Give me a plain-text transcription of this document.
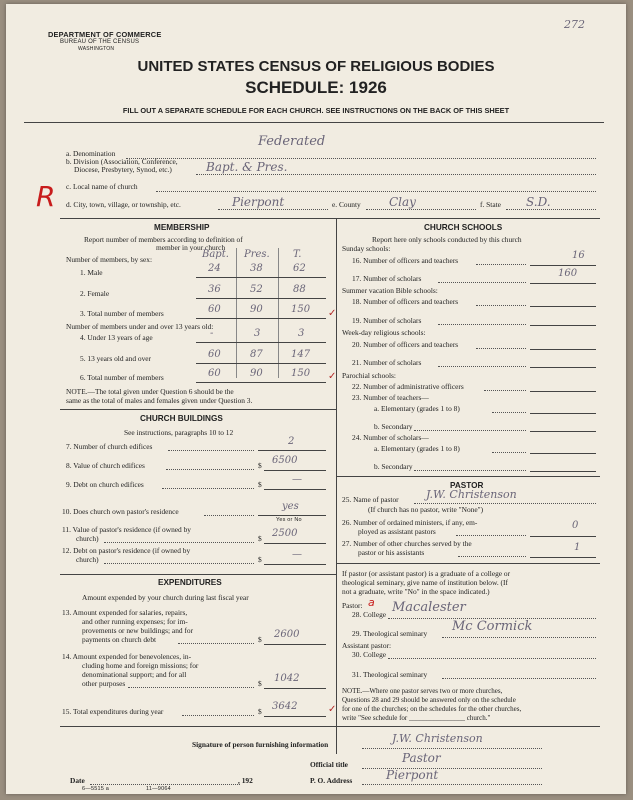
272
DEPARTMENT OF COMMERCE
BUREAU OF THE CENSUS
WASHINGTON
UNITED STATES CENSUS OF RELIGIOUS BODIES
SCHEDULE: 1926
FILL OUT A SEPARATE SCHEDULE FOR EACH CHURCH. SEE INSTRUCTIONS ON THE BACK OF THIS SHEET
a. Denomination
Federated
b. Division (Association, Conference,
Diocese, Presbytery, Synod, etc.)	Bapt. & Pres.
c. Local name of church
R d. City, town, village, or township, etc.	Pierpont	e. County Clay	f. State S.D.
MEMBERSHIP
Report number of members according to definition of
member in your church
Number of members, by sex:	Bapt. Pres. T.
1. Male	24	38	62
2. Female	36	52	88
3. Total number of members	60	90	150
Number of members under and over 13 years old:
4. Under 13 years of age	-	3	3
5. 13 years old and over	60	87	147
6. Total number of members	60	90	150
NOTE.—The total given under Question 6 should be the
same as the total of males and females given under Question 3.
CHURCH BUILDINGS
See instructions, paragraphs 10 to 12
7. Number of church edifices	2
8. Value of church edifices	$ 6500
9. Debt on church edifices	$	—
10. Does church own pastor's residence	yes
Yes or No
11. Value of pastor's residence (if owned by
church)	$ 2500
12. Debt on pastor's residence (if owned by
church)	$	—
EXPENDITURES
Amount expended by your church during last fiscal year
13. Amount expended for salaries, repairs,
and other running expenses; for im-
provements or new buildings; and for
payments on church debt	$ 2600
14. Amount expended for benevolences, in-
cluding home and foreign missions; for
denominational support; and for all
other purposes	$ 1042
15. Total expenditures during year	$ 3642
CHURCH SCHOOLS
Report here only schools conducted by this church
Sunday schools:
16. Number of officers and teachers	16
17. Number of scholars	160
Summer vacation Bible schools:
18. Number of officers and teachers
19. Number of scholars
Week-day religious schools:
20. Number of officers and teachers
21. Number of scholars
Parochial schools:
22. Number of administrative officers
23. Number of teachers—
a. Elementary (grades 1 to 8)
b. Secondary
24. Number of scholars—
a. Elementary (grades 1 to 8)
b. Secondary
PASTOR
25. Name of pastor J.W. Christenson
(If church has no pastor, write "None")
26. Number of ordained ministers, if any, em-
ployed as assistant pastors
0
27. Number of other churches served by the
pastor or his assistants	1
If pastor (or assistant pastor) is a graduate of a college or
theological seminary, give name of institution below. (If
not a graduate, write "No" in the space indicated.)
Pastor: a
28. College Macalester
29. Theological seminary Mc Cormick
Assistant pastor:
30. College
31. Theological seminary
NOTE.—Where one pastor serves two or more churches,
Questions 28 and 29 should be answered only on the schedule
for one of the churches; on the schedules for the other churches,
write "See schedule for ________________ church."
Signature of person furnishing information	J.W. Christenson
Official title	Pastor
Date	, 192	P. O. Address	Pierpont
6—5515 a	11—9064
✓
✓
✓
